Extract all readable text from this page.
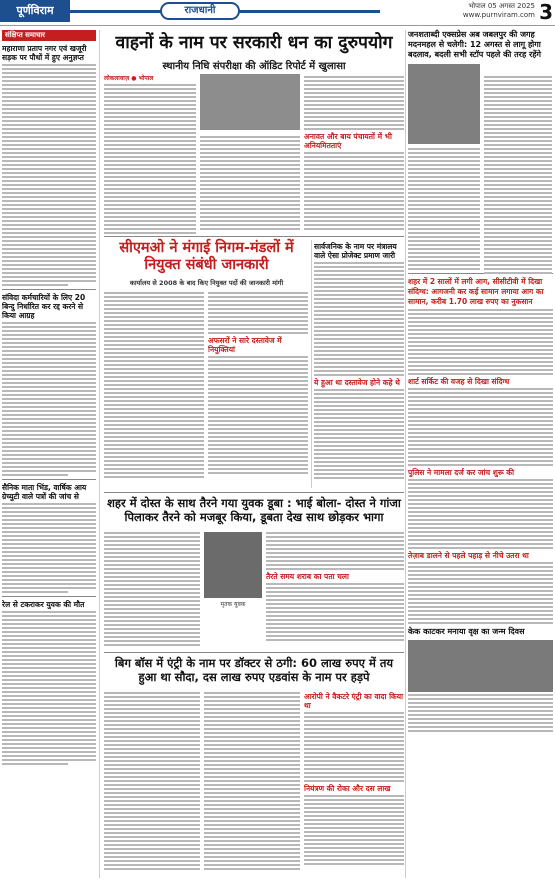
पूर्णविराम	राजधानी	भोपाल 05 अगस्त 2025
www.purnviram.com 3
संक्षिप्त समाचार
महाराणा प्रताप नगर एवं खजूरी सड़क पर पौधों में हुए अनुज्ञप्त
संविदा कर्मचारियों के लिए 20 बिन्दु निर्धारित कर रद्द करने से किया आग्रह
सैनिक माता भिंड, वार्षिक आय ग्रेच्युटी वाले पत्रों की जांच से
रेल से टकराकर युवक की मौत
वाहनों के नाम पर सरकारी धन का दुरुपयोग
स्थानीय निधि संपरीक्षा की ऑडिट रिपोर्ट में खुलासा
लोकलावाज़ ● भोपाल
अनावत और बाय पंचायतों में भी अनियमितताएं
सीएमओ ने मंगाई निगम-मंडलों में नियुक्त संबंधी जानकारी
कार्यालय से 2008 के बाद किए नियुक्त पदों की जानकारी मांगी
अफसरों ने सारे दस्तावेज में नियुक्तियां
सार्वजनिक के नाम पर मंत्रालय वाले ऐसा प्रोजेक्ट प्रमाण जारी
ये हुआ था दस्तावेज होने कहे थे
शहर में दोस्त के साथ तैरने गया युवक डूबा : भाई बोला- दोस्त ने गांजा पिलाकर तैरने को मजबूर किया, डूबता देख साथ छोड़कर भागा
मृतक युवक
तैरते समय शराब का पता चला
बिग बॉस में एंट्री के नाम पर डॉक्टर से ठगी: 60 लाख रुपए में तय हुआ था सौदा, दस लाख रुपए एडवांस के नाम पर हड़पे
आरोपी ने वैकटरे एंट्री का वादा किया था
नियंत्रण की रोका और दस लाख
जनशताब्दी एक्सप्रेस अब जबलपुर की जगह मदनमहल से चलेगी: 12 अगस्त से लागू होगा बदलाव, बदली सभी स्टॉप पहले की तरह रहेंगे
शहर में 2 सालों में लगी आग, सीसीटीवी में दिखा संदिग्ध: आगजनी कर कई सामान लगाया आग का सामान, करीब 1.70 लाख रुपए का नुकसान
शार्ट सर्किट की वजह से दिखा संदिग्ध
पुलिस ने मामला दर्ज कर जांच शुरू की
तेज़ाब डालने से पहले पहाड़ से नीचे उतरा था
केक काटकर मनाया वृक्ष का जन्म दिवस
